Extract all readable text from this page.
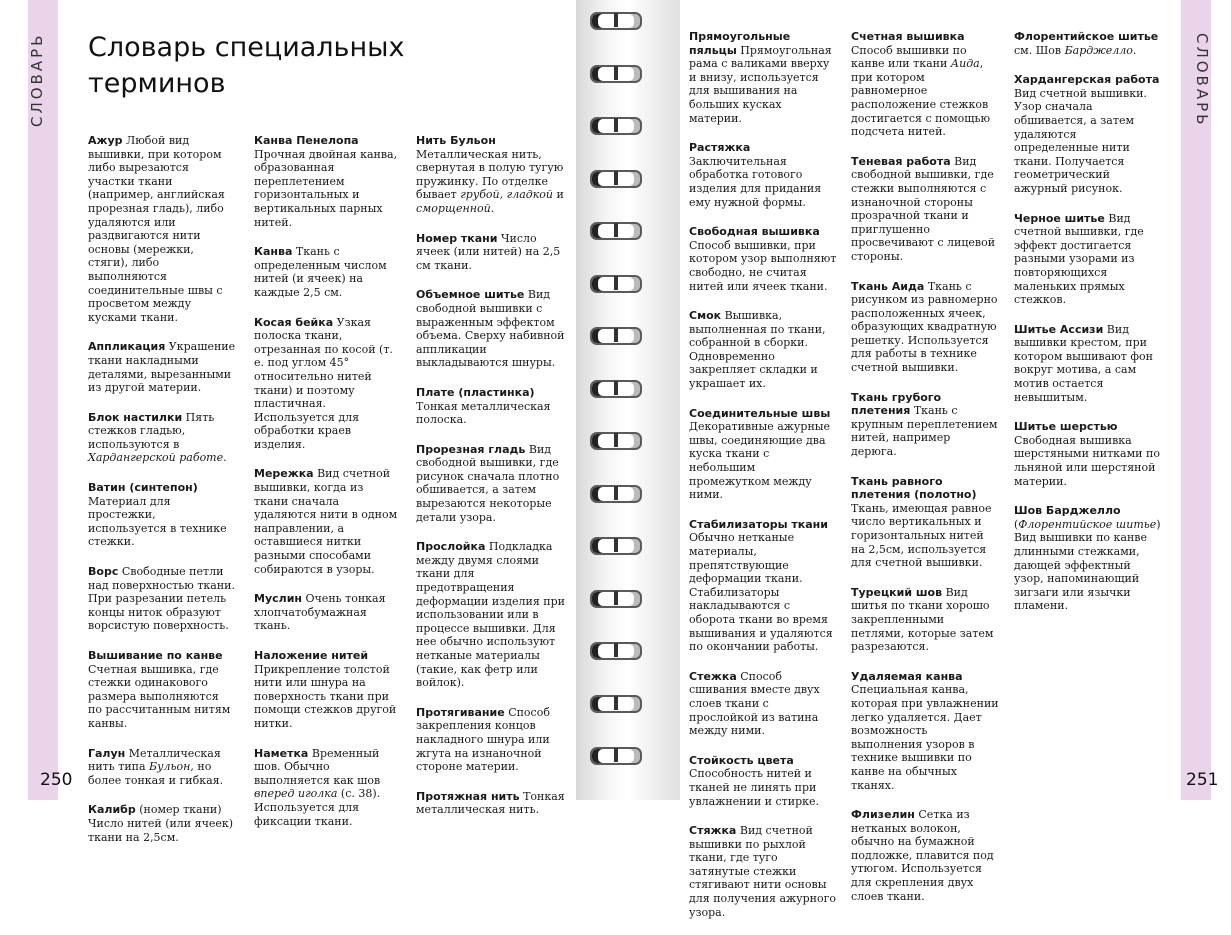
СЛОВАРЬ	СЛОВАРЬ
Словарь специальных
терминов

Ажур Любой вид вышивки, при котором либо вырезаются участки ткани (например, английская прорезная гладь), либо удаляются или раздвигаются нити основы (мережки, стяги), либо выполняются соединительные швы с просветом между кусками ткани.

Аппликация Украшение ткани накладными деталями, вырезанными из другой материи.

Блок настилки Пять стежков гладью, используются в Хардангерской работе.

Ватин (синтепон) Материал для простежки, используется в технике стежки.

Ворс Свободные петли над поверхностью ткани. При разрезании петель концы ниток образуют ворсистую поверхность.

Вышивание по канве Счетная вышивка, где стежки одинакового размера выполняются по рассчитанным нитям канвы.

Галун Металлическая нить типа Бульон, но более тонкая и гибкая.

Калибр (номер ткани) Число нитей (или ячеек) ткани на 2,5см.

Канва Пенелопа Прочная двойная канва, образованная переплетением горизонтальных и вертикальных парных нитей.

Канва Ткань с определенным числом нитей (и ячеек) на каждые 2,5 см.

Косая бейка Узкая полоска ткани, отрезанная по косой (т. е. под углом 45° относительно нитей ткани) и поэтому пластичная. Используется для обработки краев изделия.

Мережка Вид счетной вышивки, когда из ткани сначала удаляются нити в одном направлении, а оставшиеся нитки разными способами собираются в узоры.

Муслин Очень тонкая хлопчатобумажная ткань.

Наложение нитей Прикрепление толстой нити или шнура на поверхность ткани при помощи стежков другой нитки.

Наметка Временный шов. Обычно выполняется как шов вперед иголка (с. 38). Используется для фиксации ткани.

Нить Бульон Металлическая нить, свернутая в полую тугую пружинку. По отделке бывает грубой, гладкой и сморщенной.

Номер ткани Число ячеек (или нитей) на 2,5 см ткани.

Объемное шитье Вид свободной вышивки с выраженным эффектом объема. Сверху набивной аппликации выкладываются шнуры.

Плате (пластинка) Тонкая металлическая полоска.

Прорезная гладь Вид свободной вышивки, где рисунок сначала плотно обшивается, а затем вырезаются некоторые детали узора.

Прослойка Подкладка между двумя слоями ткани для предотвращения деформации изделия при использовании или в процессе вышивки. Для нее обычно используют нетканые материалы (такие, как фетр или войлок).

Протягивание Способ закрепления концов накладного шнура или жгута на изнаночной стороне материи.

Протяжная нить Тонкая металлическая нить.

Прямоугольные пяльцы Прямоугольная рама с валиками вверху и внизу, используется для вышивания на больших кусках материи.

Растяжка Заключительная обработка готового изделия для придания ему нужной формы.

Свободная вышивка Способ вышивки, при котором узор выполняют свободно, не считая нитей или ячеек ткани.

Смок Вышивка, выполненная по ткани, собранной в сборки. Одновременно закрепляет складки и украшает их.

Соединительные швы Декоративные ажурные швы, соединяющие два куска ткани с небольшим промежутком между ними.

Стабилизаторы ткани Обычно нетканые материалы, препятствующие деформации ткани. Стабилизаторы накладываются с оборота ткани во время вышивания и удаляются по окончании работы.

Стежка Способ сшивания вместе двух слоев ткани с прослойкой из ватина между ними.

Стойкость цвета Способность нитей и тканей не линять при увлажнении и стирке.

Стяжка Вид счетной вышивки по рыхлой ткани, где туго затянутые стежки стягивают нити основы для получения ажурного узора.

Счетная вышивка Способ вышивки по канве или ткани Аида, при котором равномерное расположение стежков достигается с помощью подсчета нитей.

Теневая работа Вид свободной вышивки, где стежки выполняются с изнаночной стороны прозрачной ткани и приглушенно просвечивают с лицевой стороны.

Ткань Аида Ткань с рисунком из равномерно расположенных ячеек, образующих квадратную решетку. Используется для работы в технике счетной вышивки.

Ткань грубого плетения Ткань с крупным переплетением нитей, например дерюга.

Ткань равного плетения (полотно) Ткань, имеющая равное число вертикальных и горизонтальных нитей на 2,5см, используется для счетной вышивки.

Турецкий шов Вид шитья по ткани хорошо закрепленными петлями, которые затем разрезаются.

Удаляемая канва Специальная канва, которая при увлажнении легко удаляется. Дает возможность выполнения узоров в технике вышивки по канве на обычных тканях.

Флизелин Сетка из нетканых волокон, обычно на бумажной подложке, плавится под утюгом. Используется для скрепления двух слоев ткани.

Флорентийское шитье см. Шов Барджелло.

Хардангерская работа Вид счетной вышивки. Узор сначала обшивается, а затем удаляются определенные нити ткани. Получается геометрический ажурный рисунок.

Черное шитье Вид счетной вышивки, где эффект достигается разными узорами из повторяющихся маленьких прямых стежков.

Шитье Ассизи Вид вышивки крестом, при котором вышивают фон вокруг мотива, а сам мотив остается невышитым.

Шитье шерстью Свободная вышивка шерстяными нитками по льняной или шерстяной материи.

Шов Барджелло (Флорентийское шитье) Вид вышивки по канве длинными стежками, дающей эффектный узор, напоминающий зигзаги или язычки пламени.

250	251
